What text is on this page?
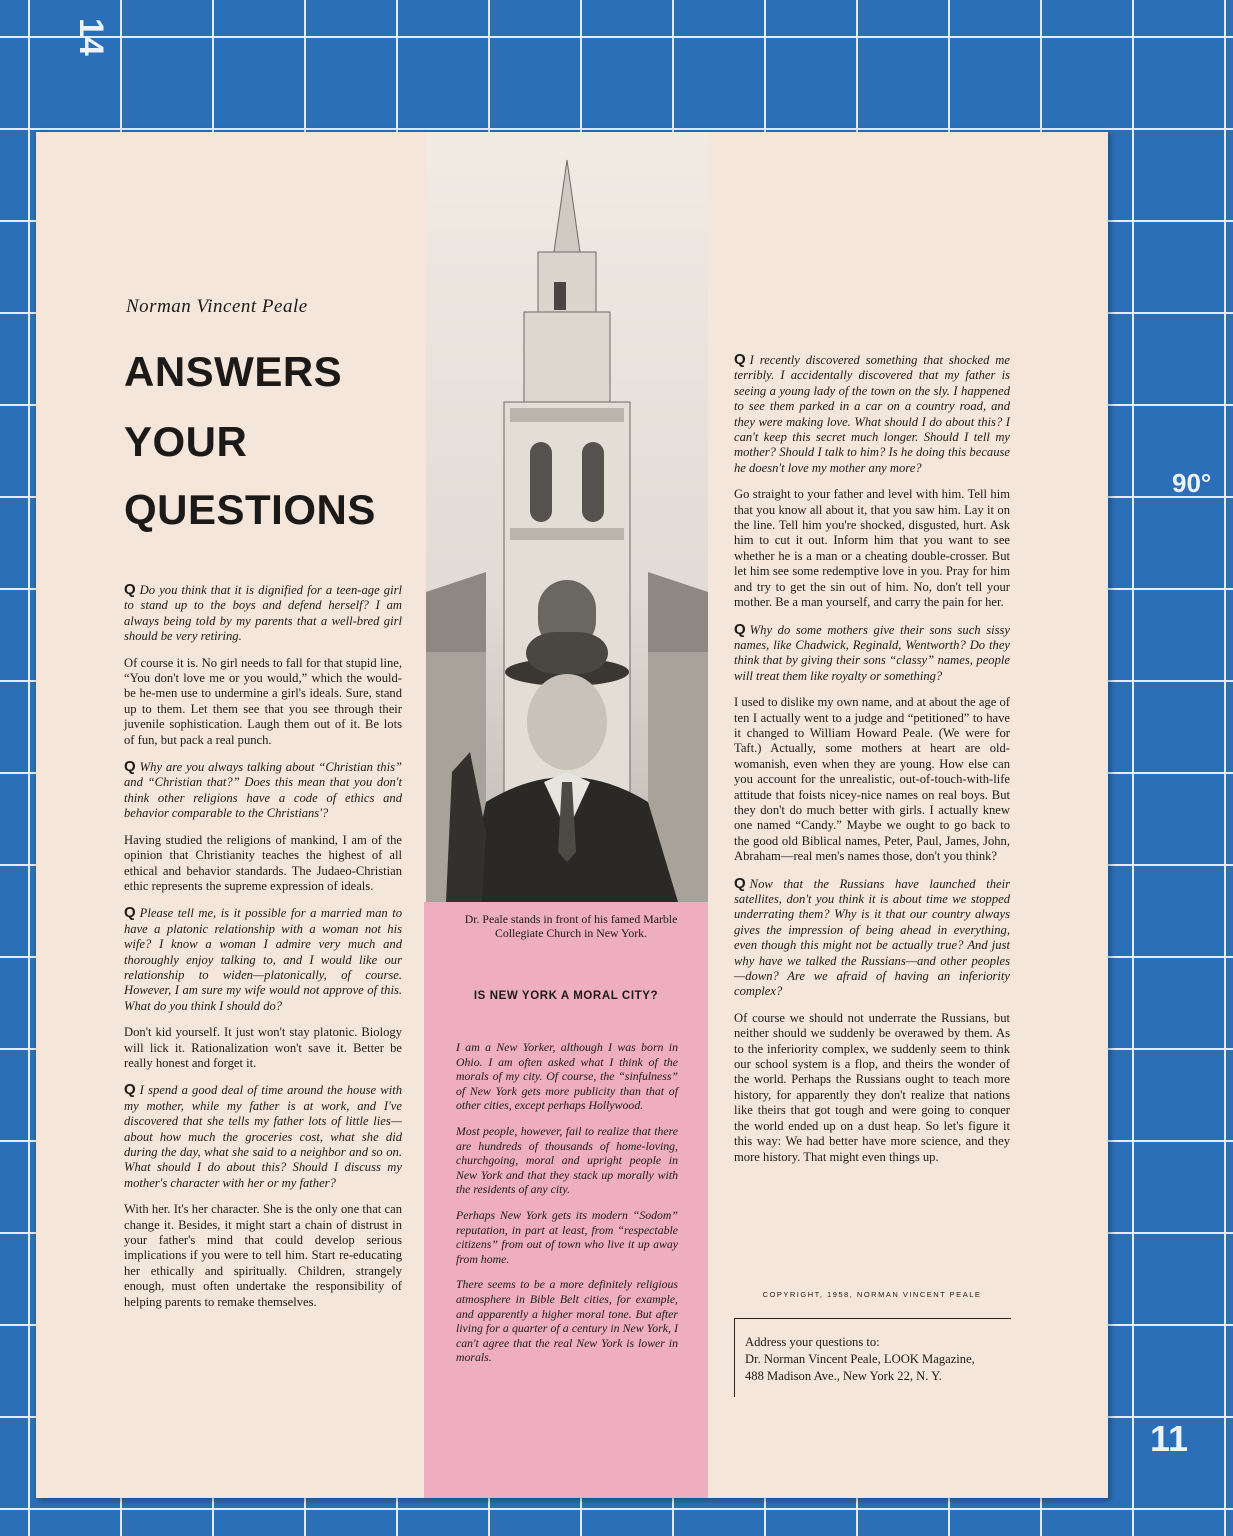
14
90°
11
Norman Vincent Peale
ANSWERS
YOUR
QUESTIONS

Q Do you think that it is dignified for a teen-age girl to stand up to the boys and defend herself? I am always being told by my parents that a well-bred girl should be very retiring.

Of course it is. No girl needs to fall for that stupid line, “You don't love me or you would,” which the would-be he-men use to undermine a girl's ideals. Sure, stand up to them. Let them see that you see through their juvenile sophistication. Laugh them out of it. Be lots of fun, but pack a real punch.

Q Why are you always talking about “Christian this” and “Christian that?” Does this mean that you don't think other religions have a code of ethics and behavior comparable to the Christians'?

Having studied the religions of mankind, I am of the opinion that Christianity teaches the highest of all ethical and behavior standards. The Judaeo-Christian ethic represents the supreme expression of ideals.

Q Please tell me, is it possible for a married man to have a platonic relationship with a woman not his wife? I know a woman I admire very much and thoroughly enjoy talking to, and I would like our relationship to widen—platonically, of course. However, I am sure my wife would not approve of this. What do you think I should do?

Don't kid yourself. It just won't stay platonic. Biology will lick it. Rationalization won't save it. Better be really honest and forget it.

Q I spend a good deal of time around the house with my mother, while my father is at work, and I've discovered that she tells my father lots of little lies—about how much the groceries cost, what she did during the day, what she said to a neighbor and so on. What should I do about this? Should I discuss my mother's character with her or my father?

With her. It's her character. She is the only one that can change it. Besides, it might start a chain of distrust in your father's mind that could develop serious implications if you were to tell him. Start re-educating her ethically and spiritually. Children, strangely enough, must often undertake the responsibility of helping parents to remake themselves.

Dr. Peale stands in front of his famed Marble Collegiate Church in New York.
IS NEW YORK A MORAL CITY?

I am a New Yorker, although I was born in Ohio. I am often asked what I think of the morals of my city. Of course, the “sinfulness” of New York gets more publicity than that of other cities, except perhaps Hollywood.

Most people, however, fail to realize that there are hundreds of thousands of home-loving, churchgoing, moral and upright people in New York and that they stack up morally with the residents of any city.

Perhaps New York gets its modern “Sodom” reputation, in part at least, from “respectable citizens” from out of town who live it up away from home.

There seems to be a more definitely religious atmosphere in Bible Belt cities, for example, and apparently a higher moral tone. But after living for a quarter of a century in New York, I can't agree that the real New York is lower in morals.

Q I recently discovered something that shocked me terribly. I accidentally discovered that my father is seeing a young lady of the town on the sly. I happened to see them parked in a car on a country road, and they were making love. What should I do about this? I can't keep this secret much longer. Should I tell my mother? Should I talk to him? Is he doing this because he doesn't love my mother any more?

Go straight to your father and level with him. Tell him that you know all about it, that you saw him. Lay it on the line. Tell him you're shocked, disgusted, hurt. Ask him to cut it out. Inform him that you want to see whether he is a man or a cheating double-crosser. But let him see some redemptive love in you. Pray for him and try to get the sin out of him. No, don't tell your mother. Be a man yourself, and carry the pain for her.

Q Why do some mothers give their sons such sissy names, like Chadwick, Reginald, Wentworth? Do they think that by giving their sons “classy” names, people will treat them like royalty or something?

I used to dislike my own name, and at about the age of ten I actually went to a judge and “petitioned” to have it changed to William Howard Peale. (We were for Taft.) Actually, some mothers at heart are old-womanish, even when they are young. How else can you account for the unrealistic, out-of-touch-with-life attitude that foists nicey-nice names on real boys. But they don't do much better with girls. I actually knew one named “Candy.” Maybe we ought to go back to the good old Biblical names, Peter, Paul, James, John, Abraham—real men's names those, don't you think?

Q Now that the Russians have launched their satellites, don't you think it is about time we stopped underrating them? Why is it that our country always gives the impression of being ahead in everything, even though this might not be actually true? And just why have we talked the Russians—and other peoples—down? Are we afraid of having an inferiority complex?

Of course we should not underrate the Russians, but neither should we suddenly be overawed by them. As to the inferiority complex, we suddenly seem to think our school system is a flop, and theirs the wonder of the world. Perhaps the Russians ought to teach more history, for apparently they don't realize that nations like theirs that got tough and were going to conquer the world ended up on a dust heap. So let's figure it this way: We had better have more science, and they more history. That might even things up.

COPYRIGHT, 1958, NORMAN VINCENT PEALE
Address your questions to:
Dr. Norman Vincent Peale, LOOK Magazine,
488 Madison Ave., New York 22, N. Y.
